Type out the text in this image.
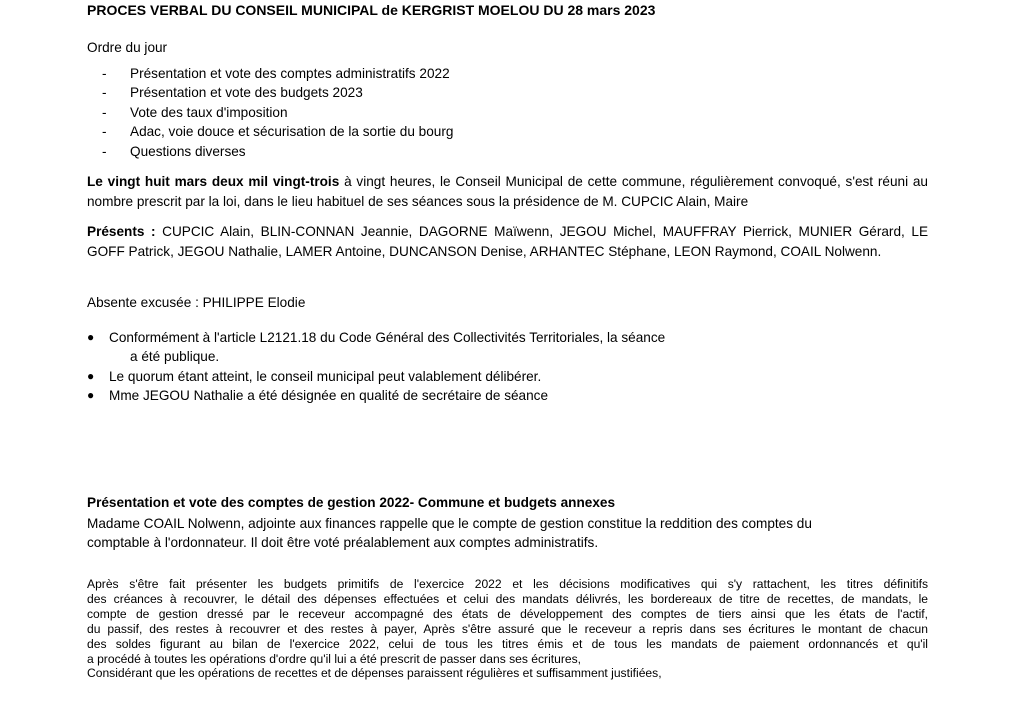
PROCES VERBAL DU CONSEIL MUNICIPAL de KERGRIST MOELOU DU 28 mars 2023
Ordre du jour
- Présentation et vote des comptes administratifs 2022
- Présentation et vote des budgets 2023
- Vote des taux d'imposition
- Adac, voie douce et sécurisation de la sortie du bourg
- Questions diverses
Le vingt huit mars deux mil vingt-trois à vingt heures, le Conseil Municipal de cette commune, régulièrement convoqué, s'est réuni au nombre prescrit par la loi, dans le lieu habituel de ses séances sous la présidence de M. CUPCIC Alain, Maire
Présents : CUPCIC Alain, BLIN-CONNAN Jeannie, DAGORNE Maïwenn, JEGOU Michel, MAUFFRAY Pierrick, MUNIER Gérard, LE GOFF Patrick, JEGOU Nathalie, LAMER Antoine, DUNCANSON Denise, ARHANTEC Stéphane, LEON Raymond, COAIL Nolwenn.
Absente excusée : PHILIPPE Elodie
● Conformément à l'article L2121.18 du Code Général des Collectivités Territoriales, la séance
a été publique.
● Le quorum étant atteint, le conseil municipal peut valablement délibérer.
● Mme JEGOU Nathalie a été désignée en qualité de secrétaire de séance
Présentation et vote des comptes de gestion 2022- Commune et budgets annexes
Madame COAIL Nolwenn, adjointe aux finances rappelle que le compte de gestion constitue la reddition des comptes du
comptable à l'ordonnateur. Il doit être voté préalablement aux comptes administratifs.
Après s'être fait présenter les budgets primitifs de l'exercice 2022 et les décisions modificatives qui s'y rattachent, les titres définitifs
des créances à recouvrer, le détail des dépenses effectuées et celui des mandats délivrés, les bordereaux de titre de recettes, de mandats, le
compte de gestion dressé par le receveur accompagné des états de développement des comptes de tiers ainsi que les états de l'actif,
du passif, des restes à recouvrer et des restes à payer, Après s'être assuré que le receveur a repris dans ses écritures le montant de chacun
des soldes figurant au bilan de l'exercice 2022, celui de tous les titres émis et de tous les mandats de paiement ordonnancés et qu'il
a procédé à toutes les opérations d'ordre qu'il lui a été prescrit de passer dans ses écritures,
Considérant que les opérations de recettes et de dépenses paraissent régulières et suffisamment justifiées,
